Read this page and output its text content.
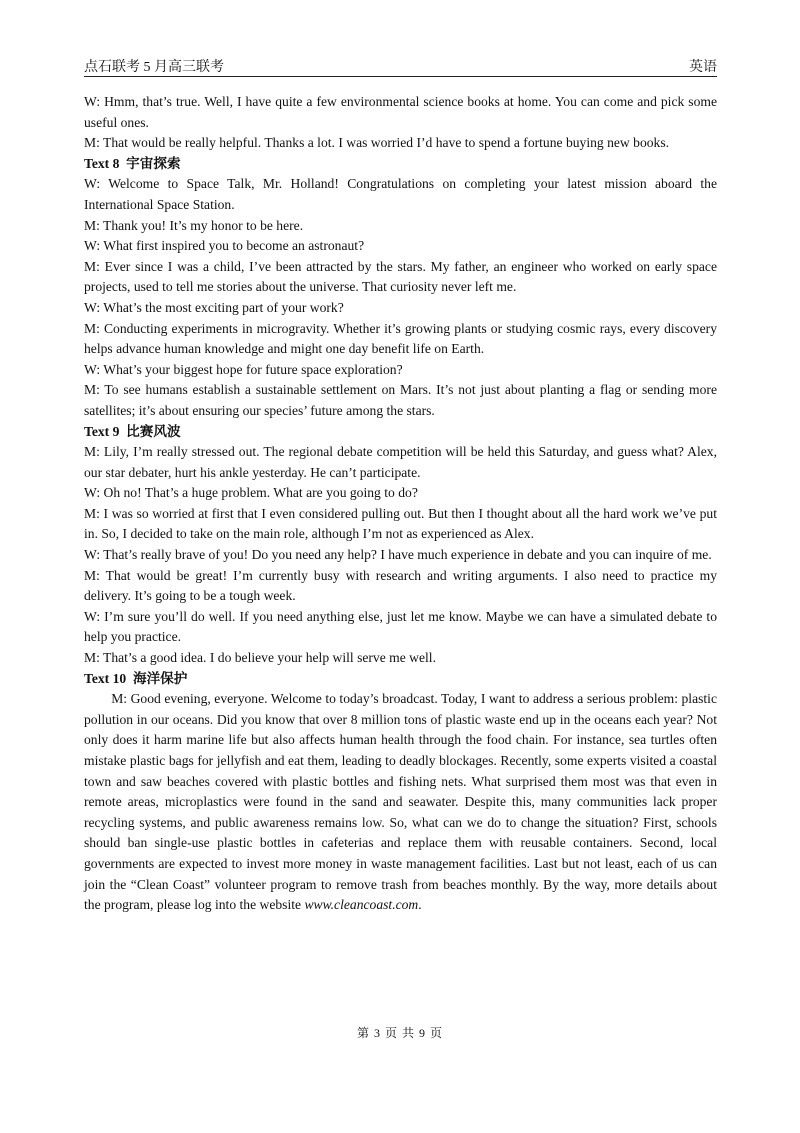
点石联考 5 月高三联考	英语

W: Hmm, that’s true. Well, I have quite a few environmental science books at home. You can come and pick some useful ones.

M: That would be really helpful. Thanks a lot. I was worried I’d have to spend a fortune buying new books.

Text 8 宇宙探索

W: Welcome to Space Talk, Mr. Holland! Congratulations on completing your latest mission aboard the International Space Station.

M: Thank you! It’s my honor to be here.

W: What first inspired you to become an astronaut?

M: Ever since I was a child, I’ve been attracted by the stars. My father, an engineer who worked on early space projects, used to tell me stories about the universe. That curiosity never left me.

W: What’s the most exciting part of your work?

M: Conducting experiments in microgravity. Whether it’s growing plants or studying cosmic rays, every discovery helps advance human knowledge and might one day benefit life on Earth.

W: What’s your biggest hope for future space exploration?

M: To see humans establish a sustainable settlement on Mars. It’s not just about planting a flag or sending more satellites; it’s about ensuring our species’ future among the stars.

Text 9 比赛风波

M: Lily, I’m really stressed out. The regional debate competition will be held this Saturday, and guess what? Alex, our star debater, hurt his ankle yesterday. He can’t participate.

W: Oh no! That’s a huge problem. What are you going to do?

M: I was so worried at first that I even considered pulling out. But then I thought about all the hard work we’ve put in. So, I decided to take on the main role, although I’m not as experienced as Alex.

W: That’s really brave of you! Do you need any help? I have much experience in debate and you can inquire of me.

M: That would be great! I’m currently busy with research and writing arguments. I also need to practice my delivery. It’s going to be a tough week.

W: I’m sure you’ll do well. If you need anything else, just let me know. Maybe we can have a simulated debate to help you practice.

M: That’s a good idea. I do believe your help will serve me well.

Text 10 海洋保护

M: Good evening, everyone. Welcome to today’s broadcast. Today, I want to address a serious problem: plastic pollution in our oceans. Did you know that over 8 million tons of plastic waste end up in the oceans each year? Not only does it harm marine life but also affects human health through the food chain. For instance, sea turtles often mistake plastic bags for jellyfish and eat them, leading to deadly blockages. Recently, some experts visited a coastal town and saw beaches covered with plastic bottles and fishing nets. What surprised them most was that even in remote areas, microplastics were found in the sand and seawater. Despite this, many communities lack proper recycling systems, and public awareness remains low. So, what can we do to change the situation? First, schools should ban single-use plastic bottles in cafeterias and replace them with reusable containers. Second, local governments are expected to invest more money in waste management facilities. Last but not least, each of us can join the “Clean Coast” volunteer program to remove trash from beaches monthly. By the way, more details about the program, please log into the website www.cleancoast.com.

第 3 页 共 9 页
